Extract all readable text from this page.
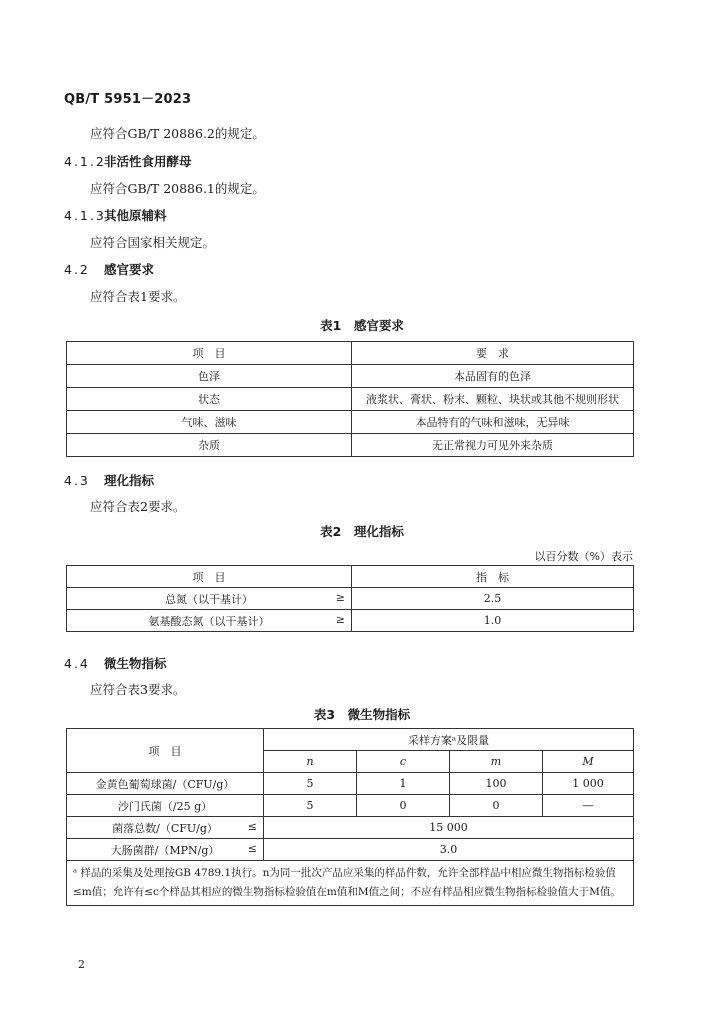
QB/T 5951－2023
应符合GB/T 20886.2的规定。
4.1.2 非活性食用酵母
应符合GB/T 20886.1的规定。
4.1.3 其他原辅料
应符合国家相关规定。
4.2 感官要求
应符合表1要求。
表1　感官要求
项　目	要　求
色泽	本品固有的色泽
状态	液浆状、膏状、粉末、颗粒、块状或其他不规则形状
气味、滋味	本品特有的气味和滋味，无异味
杂质	无正常视力可见外来杂质
4.3 理化指标
应符合表2要求。
表2　理化指标
以百分数（%）表示
项　目	指　标
总氮（以干基计） ≥	2.5
氨基酸态氮（以干基计） ≥	1.0
4.4 微生物指标
应符合表3要求。
表3　微生物指标
项　目	采样方案ᵃ及限量			
	n	c	m	M
金黄色葡萄球菌/（CFU/g）	5	1	100	1 000
沙门氏菌（/25 g）	5	0	0	—
菌落总数/（CFU/g） ≤	15 000			
大肠菌群/（MPN/g） ≤	3.0			
ᵃ 样品的采集及处理按GB 4789.1执行。n为同一批次产品应采集的样品件数，允许全部样品中相应微生物指标检验值≤m值；允许有≤c个样品其相应的微生物指标检验值在m值和M值之间；不应有样品相应微生物指标检验值大于M值。				
2
